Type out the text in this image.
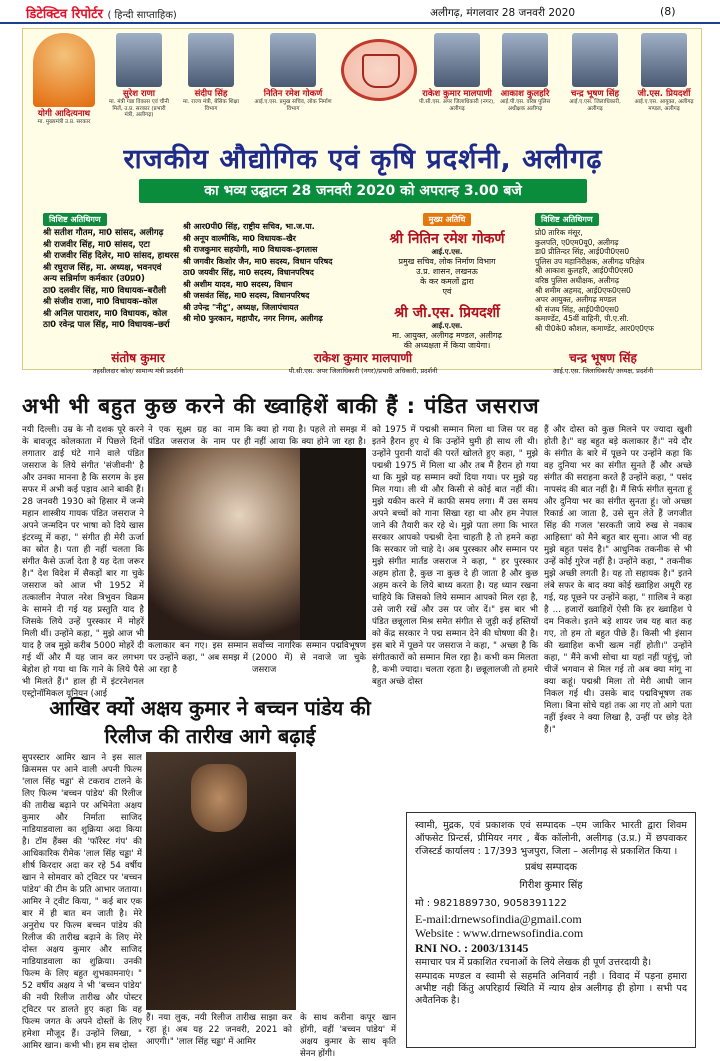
डिटेक्टिव रिपोर्टर ( हिन्दी साप्ताहिक)	अलीगढ़, मंगलवार 28 जनवरी 2020	(8)
योगी आदित्यनाथ
मा. मुख्यमंत्री उ.प्र. सरकार
सुरेश राणा
मा. मंत्री गन्ना विकास एवं चीनी मिलें, उ.प्र. सरकार (प्रभारी मंत्री, अलीगढ़)
संदीप सिंह
मा. राज्य मंत्री, बेसिक शिक्षा विभाग
नितिन रमेश गोकर्ण
आई.ए.एस. प्रमुख सचिव, लोक निर्माण विभाग
राकेश कुमार मालपाणी
पी.सी.एस. अपर जिलाधिकारी (नगर), अलीगढ़
आकाश कुलहरि
आई.पी.एस. वरिष्ठ पुलिस अधीक्षक अलीगढ़
चन्द्र भूषण सिंह
आई.ए.एस. जिलाधिकारी, अलीगढ़
जी.एस. प्रियदर्शी
आई.ए.एस. आयुक्त, अलीगढ़ मण्डल, अलीगढ़
राजकीय औद्योगिक एवं कृषि प्रदर्शनी, अलीगढ़
का भव्य उद्घाटन 28 जनवरी 2020 को अपरान्ह 3.00 बजे
विशिष्ट अतिथिगण
श्री सतीश गौतम, मा0 सांसद, अलीगढ़
श्री राजवीर सिंह, मा0 सांसद, एटा
श्री राजवीर सिंह दिलेर, मा0 सांसद, हाथरस
श्री रघुराज सिंह, मा. अध्यक्ष, भवनएवं
अन्य सन्निर्माण कर्मकार (उ0प्र0)
ठा0 दलवीर सिंह, मा0 विधायक–बरौली
श्री संजीव राजा, मा0 विधायक–कोल
श्री अनिल पाराशर, मा0 विधायक, कोल
ठा0 रवेन्द्र पाल सिंह, मा0 विधायक–छर्रा
श्री आर0पी0 सिंह, राष्ट्रीय सचिव, भा.ज.पा.
श्री अनूप वाल्मीकि, मा0 विधायक–खैर
श्री राजकुमार सहयोगी, मा0 विधायक–इगलास
श्री जगवीर किशोर जैन, मा0 सदस्य, विधान परिषद
ठा0 जयवीर सिंह, मा0 सदस्य, विधानपरिषद
श्री अशीम यादव, मा0 सदस्य, विधान
श्री जसवंत सिंह, मा0 सदस्य, विधानपरिषद
श्री उपेन्द्र "नीटू", अध्यक्ष, जिलापंचायत
श्री मो0 फुरकान, महापौर, नगर निगम, अलीगढ़
मुख्य अतिथि
श्री नितिन रमेश गोकर्ण
आई.ए.एस.
प्रमुख सचिव, लोक निर्माण विभाग
उ.प्र. शासन, लखनऊ
के कर कमलों द्वारा
एवं
श्री जी.एस. प्रियदर्शी
आई.ए.एस.
मा. आयुक्त, अलीगढ़ मण्डल, अलीगढ़
की अध्यक्षता में किया जायेगा।
विशिष्ट अतिथिगण
प्रो0 तारिक मंसूर,
कुलपति, ए0एम0यू0, अलीगढ़
डा0 प्रीतिन्दर सिंह, आई0पी0एस0
पुलिस उप महानिरीक्षक, अलीगढ़ परिक्षेत्र
श्री आकाश कुलहरि, आई0पी0एस0
वरिष्ठ पुलिस अधीक्षक, अलीगढ़
श्री शमीम अहमद, आई0एफ0एस0
अपर आयुक्त, अलीगढ़ मण्डल
श्री संजय सिंह, आई0पी0एस0
कमाण्डेंट, 45वीं वाहिनी, पी.ए.सी.
श्री पी0के0 कौशल, कमाण्डेंट, आर0ए0एफ
संतोष कुमार
तहसीलदार कोल/ सामान्य मंत्री प्रदर्शनी
राकेश कुमार मालपाणी
पी.सी.एस. अपर जिलाधिकारी (नगर)/प्रभारी अधिकारी, प्रदर्शनी
चन्द्र भूषण सिंह
आई.ए.एस. जिलाधिकारी/ अध्यक्ष, प्रदर्शनी
अभी भी बहुत कुछ करने की ख्वाहिशें बाकी हैं : पंडित जसराज
नयी दिल्ली। उम्र के नौ दशक पूरे करने के बावजूद कोलकाता में पिछले दिनों लगातार ढाई घंटे गाने वाले पंडित जसराज के लिये संगीत 'संजीवनी' है और उनका मानना है कि सरगम के इस सफर में अभी कई पड़ाव आने बाकी हैं। 28 जनवरी 1930 को हिसार में जन्मे महान शास्त्रीय गायक पंडित जसराज ने अपने जन्मदिन पर भाषा को दिये खास इंटरव्यू में कहा, " संगीत ही मेरी ऊर्जा का स्रोत है। पता ही नहीं चलता कि संगीत कैसे ऊर्जा देता है यह देता जरूर है।" देश विदेश में सैकड़ों बार गा चुके जसराज को आज भी 1952 में तत्कालीन नेपाल नरेश त्रिभुवन विक्रम के सामने दी गई यह प्रस्तुति याद है जिसके लिये उन्हें पुरस्कार में मोहरें मिली थीं। उन्होंने कहा, " मुझे आज भी याद है जब मुझे करीब 5000 मोहरें दी गई थीं और मैं यह जान कर लगभग बेहोश हो गया था कि गाने के लिये पैसे भी मिलते हैं।" हाल ही में इंटरनेशनल एस्ट्रोनॉमिकल यूनियन (आई
ने एक सूक्ष्म ग्रह का नाम पंडित जसराज के नाम पर
कि क्या हो गया है। पहले तो समझ में ही नहीं आया कि क्या होने जा रहा है।
कलाकार बन गए। इस सम्मान पर उन्होंने कहा, " अब समझ में आ रहा है
सर्वोच्च नागरिक सम्मान पद्मविभूषण (2000 में) से नवाजे जा चुके जसराज
को 1975 में पद्मश्री सम्मान मिला था जिस पर वह इतने हैरान हुए थे कि उन्होंने घुमी ही साथ ली थी। उन्होंने पुरानी यादों की परतें खोलते हुए कहा, " मुझे पद्मश्री 1975 में मिला था और तब मैं हैरान हो गया था कि मुझे यह सम्मान क्यों दिया गया। पर मुझे यह मिल गया। ली थी और किसी से कोई बात नहीं की। मुझे यकीन करने में काफी समय लगा। मैं उस समय अपने बच्चों को गाना सिखा रहा था और हम नेपाल जाने की तैयारी कर रहे थे। मुझे पता लगा कि भारत सरकार आपको पद्मश्री देना चाहती है तो हमने कहा कि सरकार जो चाहे दे। अब पुरस्कार और सम्मान पर मुझे संगीत मार्तंड जसराज ने कहा, " हर पुरस्कार अहम होता है, कुछ ना कुछ दे ही जाता है और कुछ अहम करने के लिये बाध्य करता है। यह ध्यान रखना चाहिये कि जिसको लिये सम्मान आपको मिल रहा है, उसे जारी रखें और उस पर जोर दें।" इस बार भी पंडित छन्नूलाल मिश्र समेत संगीत से जुड़ी कई हस्तियों को केंद्र सरकार ने पद्म सम्मान देने की घोषणा की है। इस बारे में पूछने पर जसराज ने कहा, " अच्छा है कि संगीतकारों को सम्मान मिल रहा है। कभी कम मिलता है, कभी ज्यादा। चलता रहता है। छन्नूलालजी तो हमारे बहुत अच्छे दोस्त
हैं और दोस्त को कुछ मिलने पर ज्यादा खुशी होती है।" वह बहुत बड़े कलाकार हैं।" नये दौर के संगीत के बारे में पूछने पर उन्होंने कहा कि वह दुनिया भर का संगीत सुनते हैं और अच्छे संगीत की सराहना करते हैं उन्होंने कहा, " पसंद नापसंद की बात नहीं है। मैं सिर्फ संगीत सुनता हूं और दुनिया भर का संगीत सुनता हूं। जो अच्छा रिकार्ड आ जाता है, उसे सुन लेते हैं जगजीत सिंह की गजल 'सरकती जाये रुख से नकाब आहिस्ता' को मैने बहुत बार सुना। आज भी वह मुझे बहुत पसंद है।" आधुनिक तकनीक से भी उन्हें कोई गुरेज नहीं है। उन्होंने कहा, " तकनीक मुझे अच्छी लगती है। यह तो सहायक है।" इतने लंबे सफर के बाद क्या कोई ख्वाहिश अधूरी रह गई, यह पूछने पर उन्होंने कहा, " ग़ालिब ने कहा है ... हजारों ख्वाहिशें ऐसी कि हर ख्वाहिश पे दम निकले। इतने बड़े शायर जब यह बात कह गए, तो हम तो बहुत पीछे हैं। किसी भी इंसान की ख्वाहिश कभी खत्म नहीं होती।" उन्होंने कहा, " मैंने कभी सोचा था यहां नहीं पहुंचूं, जो चीजें भगवान से मिल गई तो अब क्या मांगू ना क्या कहूं। पद्मश्री मिला तो मेरी आधी जान निकल गई थी। उसके बाद पद्मविभूषण तक मिला। बिना सोचे यहां तक आ गए तो आगे पता नहीं ईश्वर ने क्या लिखा है, उन्हीं पर छोड़ देते हैं।"
आखिर क्यों अक्षय कुमार ने बच्चन पांडेय की रिलीज की तारीख आगे बढ़ाई
सुपरस्टार आमिर खान ने इस साल क्रिसमस पर आने वाली अपनी फिल्म 'लाल सिंह चड्ढा' से टकराव टालने के लिए फिल्म 'बच्चन पांडेय' की रिलीज की तारीख बढ़ाने पर अभिनेता अक्षय कुमार और निर्माता साजिद नाडियाडवाला का शुक्रिया अदा किया है। टॉम हैंक्स की 'फॉरेस्ट गंप' की आधिकारिक रीमेक 'लाल सिंह चड्ढा' में शीर्ष किरदार अदा कर रहे 54 वर्षीय खान ने सोमवार को ट्विटर पर 'बच्चन पांडेय' की टीम के प्रति आभार जताया। आमिर ने ट्वीट किया, " कई बार एक बार में ही बात बन जाती है। मेरे अनुरोध पर फिल्म बच्चन पांडेय की रिलीज की तारीख बढ़ाने के लिए मेरे दोस्त अक्षय कुमार और साजिद नाडियाडवाला का शुक्रिया। उनकी फिल्म के लिए बहुत शुभकामनाएं। " 52 वर्षीय अक्षय ने भी 'बच्चन पांडेय' की नयी रिलीज तारीख और पोस्टर ट्विटर पर डालते हुए कहा कि वह फिल्म जगत के अपने दोस्तों के लिए हमेशा मौजूद हैं। उन्होंने लिखा, " आमिर खान। कभी भी। हम सब दोस्त
हैं। नया लुक, नयी रिलीज तारीख साझा कर रहा हूं। अब यह 22 जनवरी, 2021 को आएगी।" 'लाल सिंह चड्ढा' में आमिर
के साथ करीना कपूर खान होंगी, वहीं 'बच्चन पांडेय' में अक्षय कुमार के साथ कृति सेनन होंगी।
स्वामी, मुद्रक, एवं प्रकाशक एवं सम्पादक –एम जाकिर भारती द्वारा शिवम ऑफसेट प्रिन्टर्स, प्रीमियर नगर , बैंक कॉलोनी, अलीगढ़ (उ.प्र.) में छपवाकर रजिस्टर्ड कार्यालय : 17/393 भुजपुरा, जिला – अलीगढ़ से प्रकाशित किया ।
प्रबंध सम्पादक
गिरीश कुमार सिंह
मो : 9821889730, 9058391122
E-mail:drnewsofindia@gmail.com
Website : www.drnewsofindia.com
RNI NO. : 2003/13145
समाचार पत्र में प्रकाशित रचनाओं के लिये लेखक ही पूर्ण उत्तरदायी है।
सम्पादक मण्डल व स्वामी से सहमति अनिवार्य नही । विवाद में पड़ना हमारा अभीष्ट नही किंतु अपरिहार्य स्थिति में न्याय क्षेत्र अलीगढ़ ही होगा । सभी पद अवैतनिक है।
